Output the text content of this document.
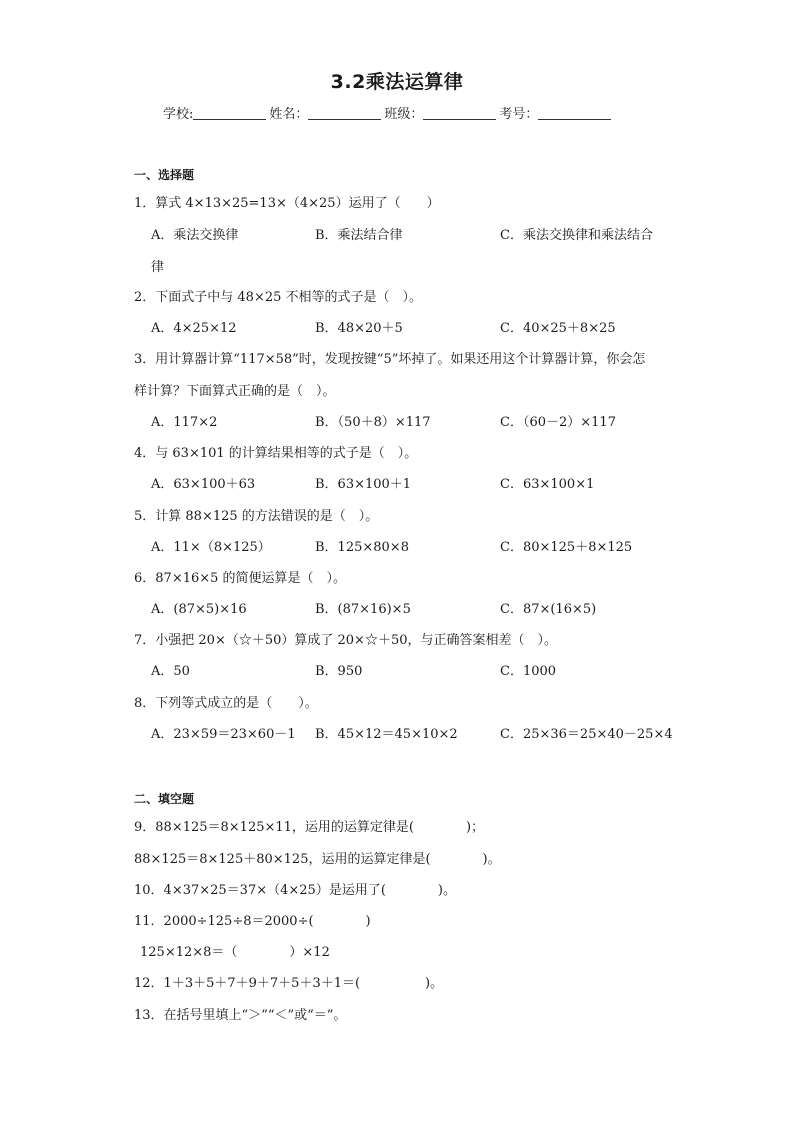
3.2乘法运算律
学校:	姓名：	班级：	考号：
一、选择题
1．算式 4×13×25=13×（4×25）运用了（　　）
A．乘法交换律	B．乘法结合律	C．乘法交换律和乘法结合
律
2．下面式子中与 48×25 不相等的式子是（　）。
A．4×25×12	B．48×20＋5	C．40×25＋8×25
3．用计算器计算“117×58”时，发现按键“5”坏掉了。如果还用这个计算器计算，你会怎
样计算？下面算式正确的是（　）。
A．117×2	B．（50＋8）×117	C．（60－2）×117
4．与 63×101 的计算结果相等的式子是（　）。
A．63×100＋63	B．63×100＋1	C．63×100×1
5．计算 88×125 的方法错误的是（　）。
A．11×（8×125）	B．125×80×8	C．80×125＋8×125
6．87×16×5 的简便运算是（　）。
A．(87×5)×16	B．(87×16)×5	C．87×(16×5)
7．小强把 20×（☆＋50）算成了 20×☆＋50，与正确答案相差（　）。
A．50	B．950	C．1000
8．下列等式成立的是（　　）。
A．23×59＝23×60－1 B．45×12＝45×10×2	C．25×36＝25×40－25×4
二、填空题
9．88×125＝8×125×11，运用的运算定律是(　　　　)；
88×125＝8×125＋80×125，运用的运算定律是(　　　　)。
10．4×37×25＝37×（4×25）是运用了(　　　　)。
11．2000÷125÷8＝2000÷(　　　　)
125×12×8＝（　　　　）×12
12．1＋3＋5＋7＋9＋7＋5＋3＋1＝(　　　　　)。
13．在括号里填上“＞”“＜”或“＝”。
